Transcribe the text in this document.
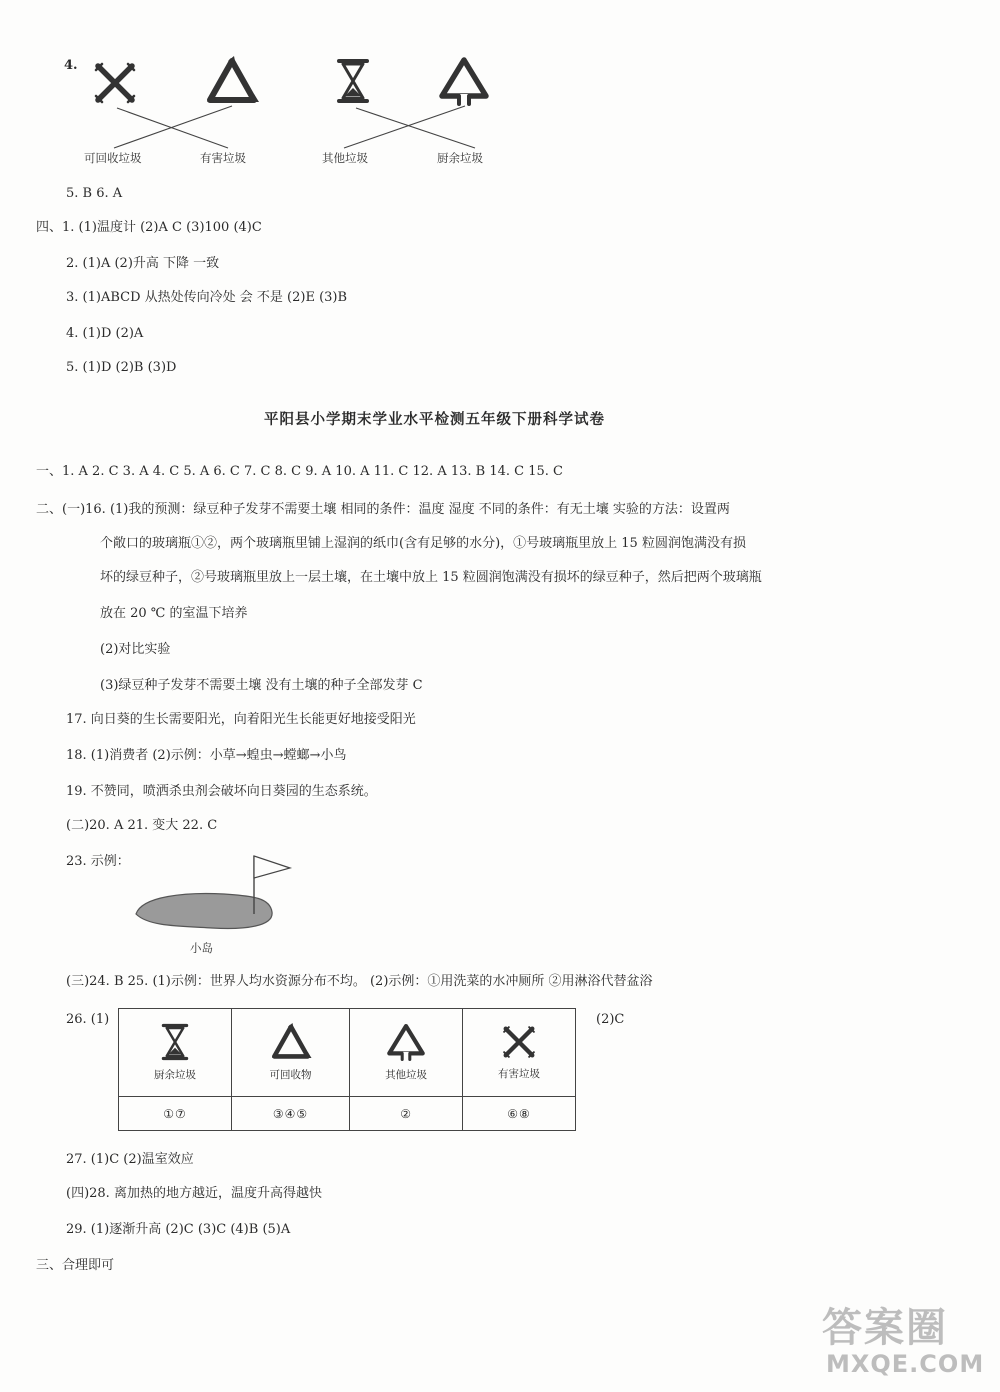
4.
可回收垃圾	有害垃圾	其他垃圾	厨余垃圾
5. B 6. A
四、1. (1)温度计 (2)A C (3)100 (4)C
2. (1)A (2)升高 下降 一致
3. (1)ABCD 从热处传向冷处 会 不是 (2)E (3)B
4. (1)D (2)A
5. (1)D (2)B (3)D
平阳县小学期末学业水平检测五年级下册科学试卷
一、1. A 2. C 3. A 4. C 5. A 6. C 7. C 8. C 9. A 10. A 11. C 12. A 13. B 14. C 15. C
二、(一)16. (1)我的预测：绿豆种子发芽不需要土壤 相同的条件：温度 湿度 不同的条件：有无土壤 实验的方法：设置两
个敞口的玻璃瓶①②，两个玻璃瓶里铺上湿润的纸巾(含有足够的水分)，①号玻璃瓶里放上 15 粒圆润饱满没有损
坏的绿豆种子，②号玻璃瓶里放上一层土壤，在土壤中放上 15 粒圆润饱满没有损坏的绿豆种子，然后把两个玻璃瓶
放在 20 ℃ 的室温下培养
(2)对比实验
(3)绿豆种子发芽不需要土壤 没有土壤的种子全部发芽 C
17. 向日葵的生长需要阳光，向着阳光生长能更好地接受阳光
18. (1)消费者 (2)示例：小草→蝗虫→螳螂→小鸟
19. 不赞同，喷洒杀虫剂会破坏向日葵园的生态系统。
(二)20. A 21. 变大 22. C
23. 示例：
小岛
(三)24. B 25. (1)示例：世界人均水资源分布不均。 (2)示例：①用洗菜的水冲厕所 ②用淋浴代替盆浴
26. (1)	(2)C
厨余垃圾	可回收物	其他垃圾	有害垃圾

①⑦	③④⑤	②	⑥⑧
27. (1)C (2)温室效应
(四)28. 离加热的地方越近，温度升高得越快
29. (1)逐渐升高 (2)C (3)C (4)B (5)A
三、合理即可
答案圈
MXQE.COM
